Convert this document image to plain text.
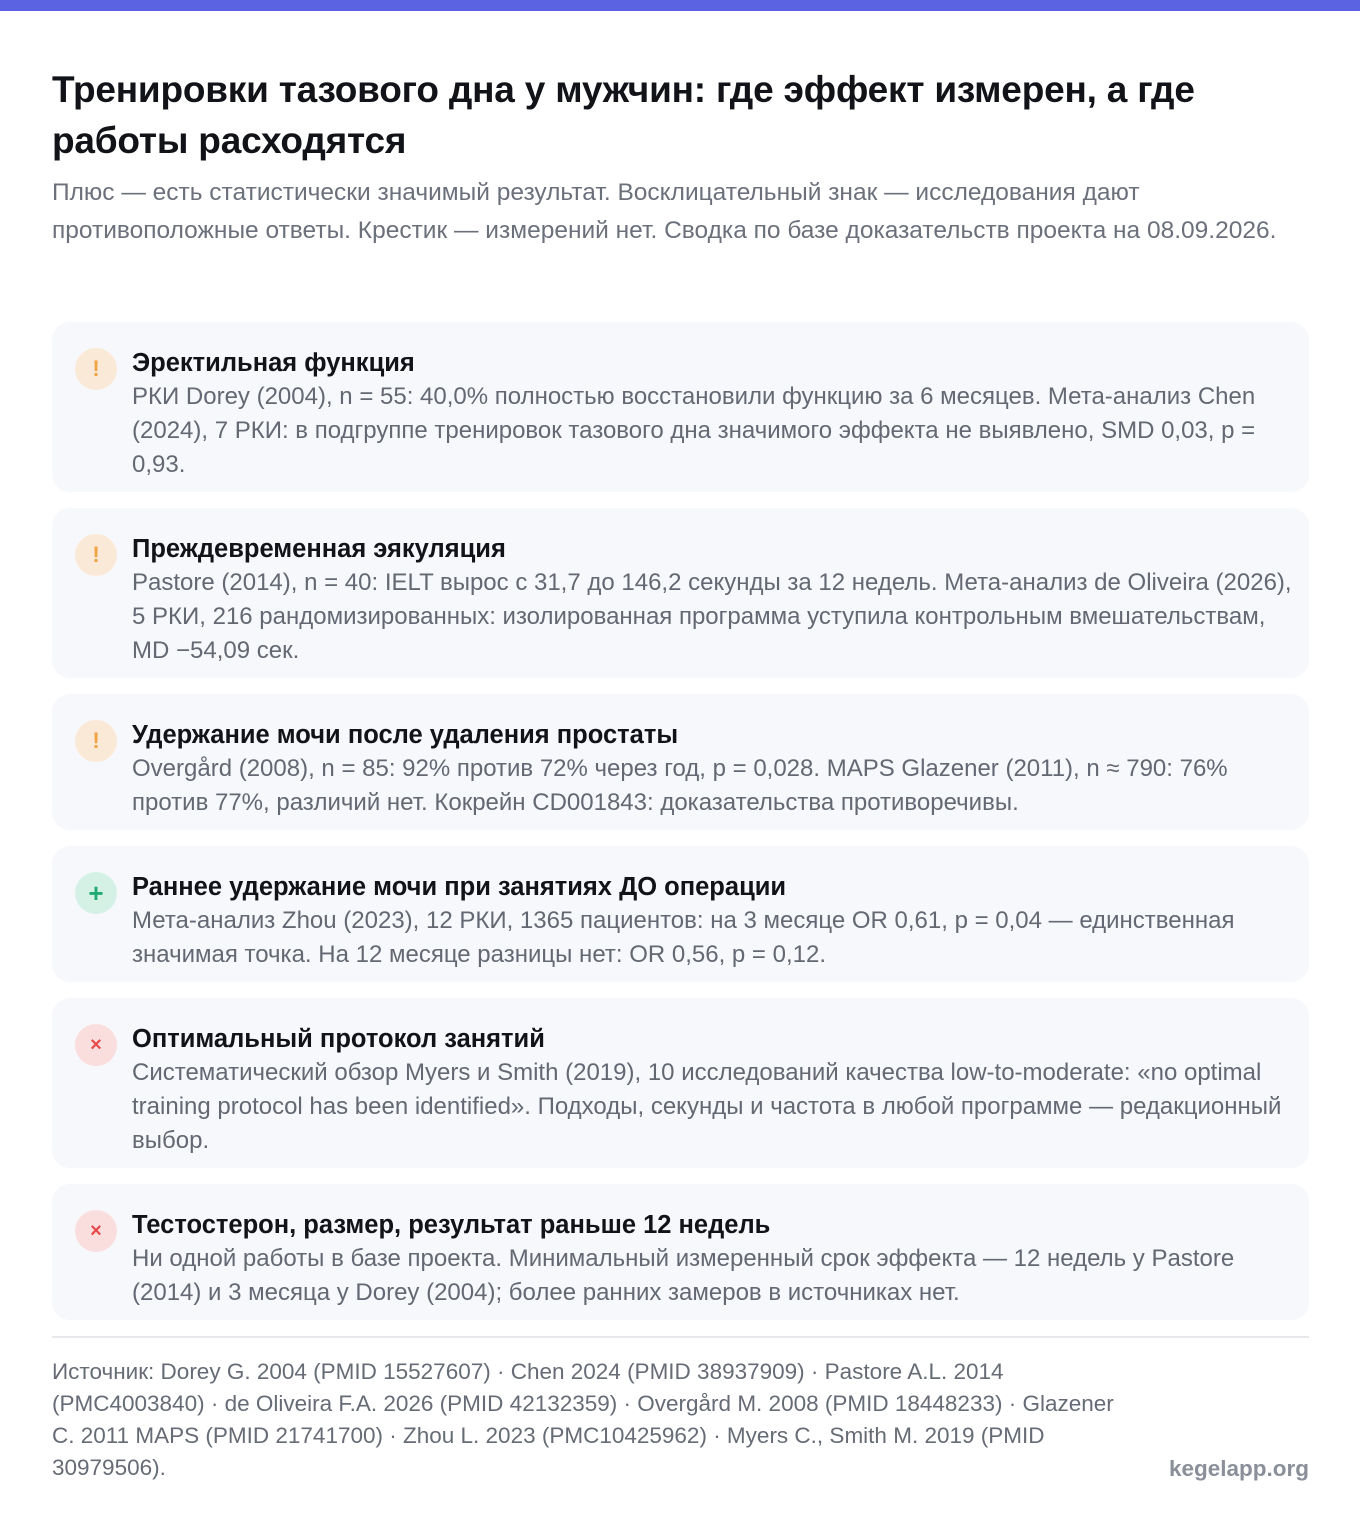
Тренировки тазового дна у мужчин: где эффект измерен, а где работы расходятся

Плюс — есть статистически значимый результат. Восклицательный знак — исследования дают противоположные ответы. Крестик — измерений нет. Сводка по базе доказательств проекта на 08.09.2026.

!	Эректильная функция
РКИ Dorey (2004), n = 55: 40,0% полностью восстановили функцию за 6 месяцев. Мета-анализ Chen (2024), 7 РКИ: в подгруппе тренировок тазового дна значимого эффекта не выявлено, SMD 0,03, p = 0,93.
!	Преждевременная эякуляция
Pastore (2014), n = 40: IELT вырос с 31,7 до 146,2 секунды за 12 недель. Мета-анализ de Oliveira (2026), 5 РКИ, 216 рандомизированных: изолированная программа уступила контрольным вмешательствам, MD −54,09 сек.
!	Удержание мочи после удаления простаты
Overgård (2008), n = 85: 92% против 72% через год, p = 0,028. MAPS Glazener (2011), n ≈ 790: 76% против 77%, различий нет. Кокрейн CD001843: доказательства противоречивы.
+	Раннее удержание мочи при занятиях ДО операции
Мета-анализ Zhou (2023), 12 РКИ, 1365 пациентов: на 3 месяце OR 0,61, p = 0,04 — единственная значимая точка. На 12 месяце разницы нет: OR 0,56, p = 0,12.
×	Оптимальный протокол занятий
Систематический обзор Myers и Smith (2019), 10 исследований качества low-to-moderate: «no optimal training protocol has been identified». Подходы, секунды и частота в любой программе — редакционный выбор.
×	Тестостерон, размер, результат раньше 12 недель
Ни одной работы в базе проекта. Минимальный измеренный срок эффекта — 12 недель у Pastore (2014) и 3 месяца у Dorey (2004); более ранних замеров в источниках нет.

Источник: Dorey G. 2004 (PMID 15527607) · Chen 2024 (PMID 38937909) · Pastore A.L. 2014 (PMC4003840) · de Oliveira F.A. 2026 (PMID 42132359) · Overgård M. 2008 (PMID 18448233) · Glazener C. 2011 MAPS (PMID 21741700) · Zhou L. 2023 (PMC10425962) · Myers C., Smith M. 2019 (PMID 30979506).	kegelapp.org
